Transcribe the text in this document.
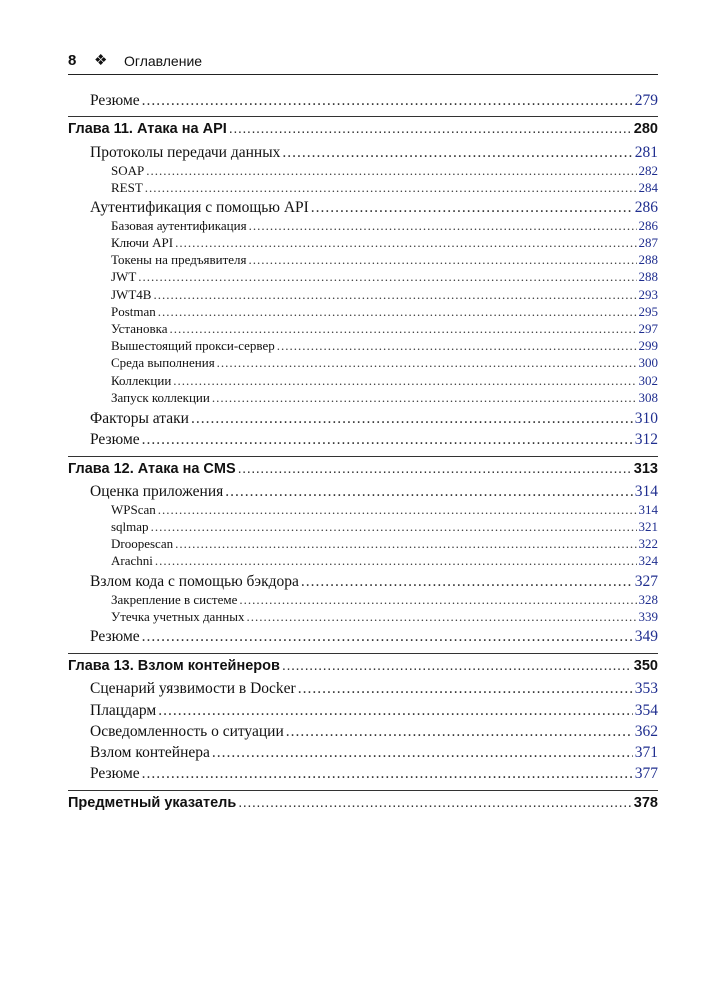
8 ❖ Оглавление
Резюме .....	279
Глава 11. Атака на API .....	280
Протоколы передачи данных .....	281
SOAP .....	282
REST .....	284
Аутентификация с помощью API .....	286
Базовая аутентификация .....	286
Ключи API .....	287
Токены на предъявителя .....	288
JWT .....	288
JWT4B .....	293
Postman .....	295
Установка .....	297
Вышестоящий прокси-сервер .....	299
Среда выполнения .....	300
Коллекции .....	302
Запуск коллекции .....	308
Факторы атаки .....	310
Резюме .....	312
Глава 12. Атака на CMS .....	313
Оценка приложения .....	314
WPScan .....	314
sqlmap .....	321
Droopescan .....	322
Arachni .....	324
Взлом кода с помощью бэкдора .....	327
Закрепление в системе .....	328
Утечка учетных данных .....	339
Резюме .....	349
Глава 13. Взлом контейнеров .....	350
Сценарий уязвимости в Docker .....	353
Плацдарм .....	354
Осведомленность о ситуации .....	362
Взлом контейнера .....	371
Резюме .....	377
Предметный указатель .....	378
